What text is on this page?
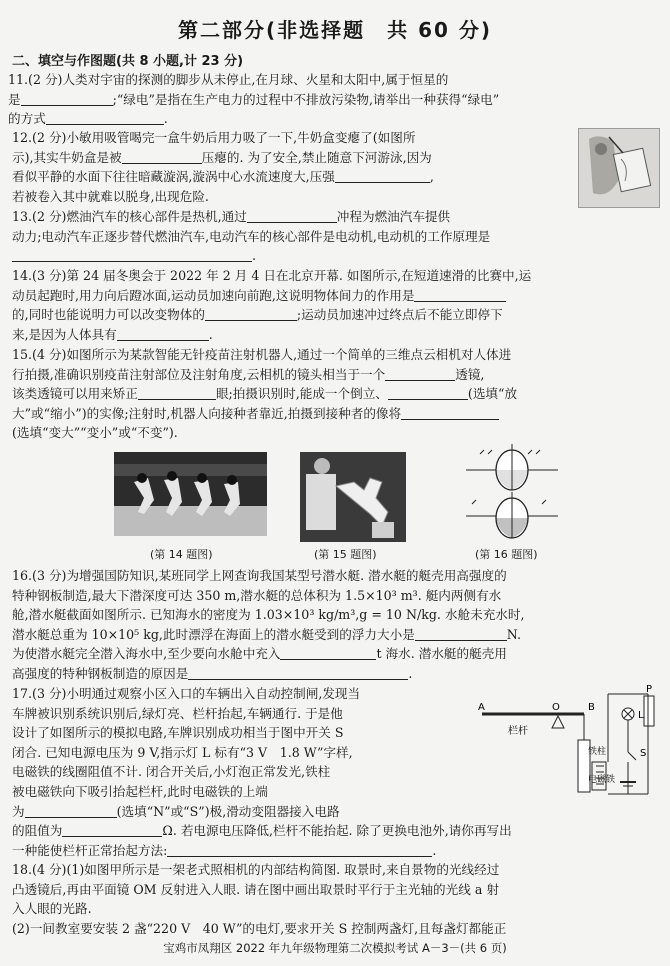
第二部分(非选择题　共 60 分)
二、填空与作图题(共 8 小题,计 23 分)

11.(2 分)人类对宇宙的探测的脚步从未停止,在月球、火星和太阳中,属于恒星的

是	;“绿电”是指在生产电力的过程中不排放污染物,请举出一种获得“绿电”

的方式	.

12.(2 分)小敏用吸管喝完一盒牛奶后用力吸了一下,牛奶盒变瘪了(如图所

示),其实牛奶盒是被	压瘪的. 为了安全,禁止随意下河游泳,因为

看似平静的水面下往往暗藏漩涡,漩涡中心水流速度大,压强	,

若被卷入其中就难以脱身,出现危险.

13.(2 分)燃油汽车的核心部件是热机,通过	冲程为燃油汽车提供

动力;电动汽车正逐步替代燃油汽车,电动汽车的核心部件是电动机,电动机的工作原理是

.

14.(3 分)第 24 届冬奥会于 2022 年 2 月 4 日在北京开幕. 如图所示,在短道速滑的比赛中,运

动员起跑时,用力向后蹬冰面,运动员加速向前跑,这说明物体间力的作用是

的,同时也能说明力可以改变物体的	;运动员加速冲过终点后不能立即停下

来,是因为人体具有	.

15.(4 分)如图所示为某款智能无针疫苗注射机器人,通过一个简单的三维点云相机对人体进

行拍摄,准确识别疫苗注射部位及注射角度,云相机的镜头相当于一个	透镜,

该类透镜可以用来矫正	眼;拍摄识别时,能成一个倒立、	(选填“放

大”或“缩小”)的实像;注射时,机器人向接种者靠近,拍摄到接种者的像将

(选填“变大”“变小”或“不变”).

(第 14 题图)	(第 15 题图)	(第 16 题图)

16.(3 分)为增强国防知识,某班同学上网查询我国某型号潜水艇. 潜水艇的艇壳用高强度的

特种钢板制造,最大下潜深度可达 350 m,潜水艇的总体积为 1.5×10³ m³. 艇内两侧有水

舱,潜水艇截面如图所示. 已知海水的密度为 1.03×10³ kg/m³,g = 10 N/kg. 水舱未充水时,

潜水艇总重为 10×10⁵ kg,此时漂浮在海面上的潜水艇受到的浮力大小是	N.

为使潜水艇完全潜入海水中,至少要向水舱中充入	t 海水. 潜水艇的艇壳用

高强度的特种钢板制造的原因是	.

17.(3 分)小明通过观察小区入口的车辆出入自动控制闸,发现当

车牌被识别系统识别后,绿灯亮、栏杆抬起,车辆通行. 于是他

设计了如图所示的模拟电路,车牌识别成功相当于图中开关 S

闭合. 已知电源电压为 9 V,指示灯 L 标有“3 V　1.8 W”字样,

电磁铁的线圈阻值不计. 闭合开关后,小灯泡正常发光,铁柱

被电磁铁向下吸引抬起栏杆,此时电磁铁的上端

为	(选填“N”或“S”)极,滑动变阻器接入电路

的阻值为	Ω. 若电源电压降低,栏杆不能抬起. 除了更换电池外,请你再写出

一种能使栏杆正常抬起方法:	.

A	O	B
栏杆
铁柱
电磁铁
L
P
S

18.(4 分)(1)如图甲所示是一架老式照相机的内部结构简图. 取景时,来自景物的光线经过

凸透镜后,再由平面镜 OM 反射进入人眼. 请在图中画出取景时平行于主光轴的光线 a 射

入人眼的光路.

(2)一间教室要安装 2 盏“220 V　40 W”的电灯,要求开关 S 控制两盏灯,且每盏灯都能正

宝鸡市凤翔区 2022 年九年级物理第二次模拟考试 A－3－(共 6 页)
